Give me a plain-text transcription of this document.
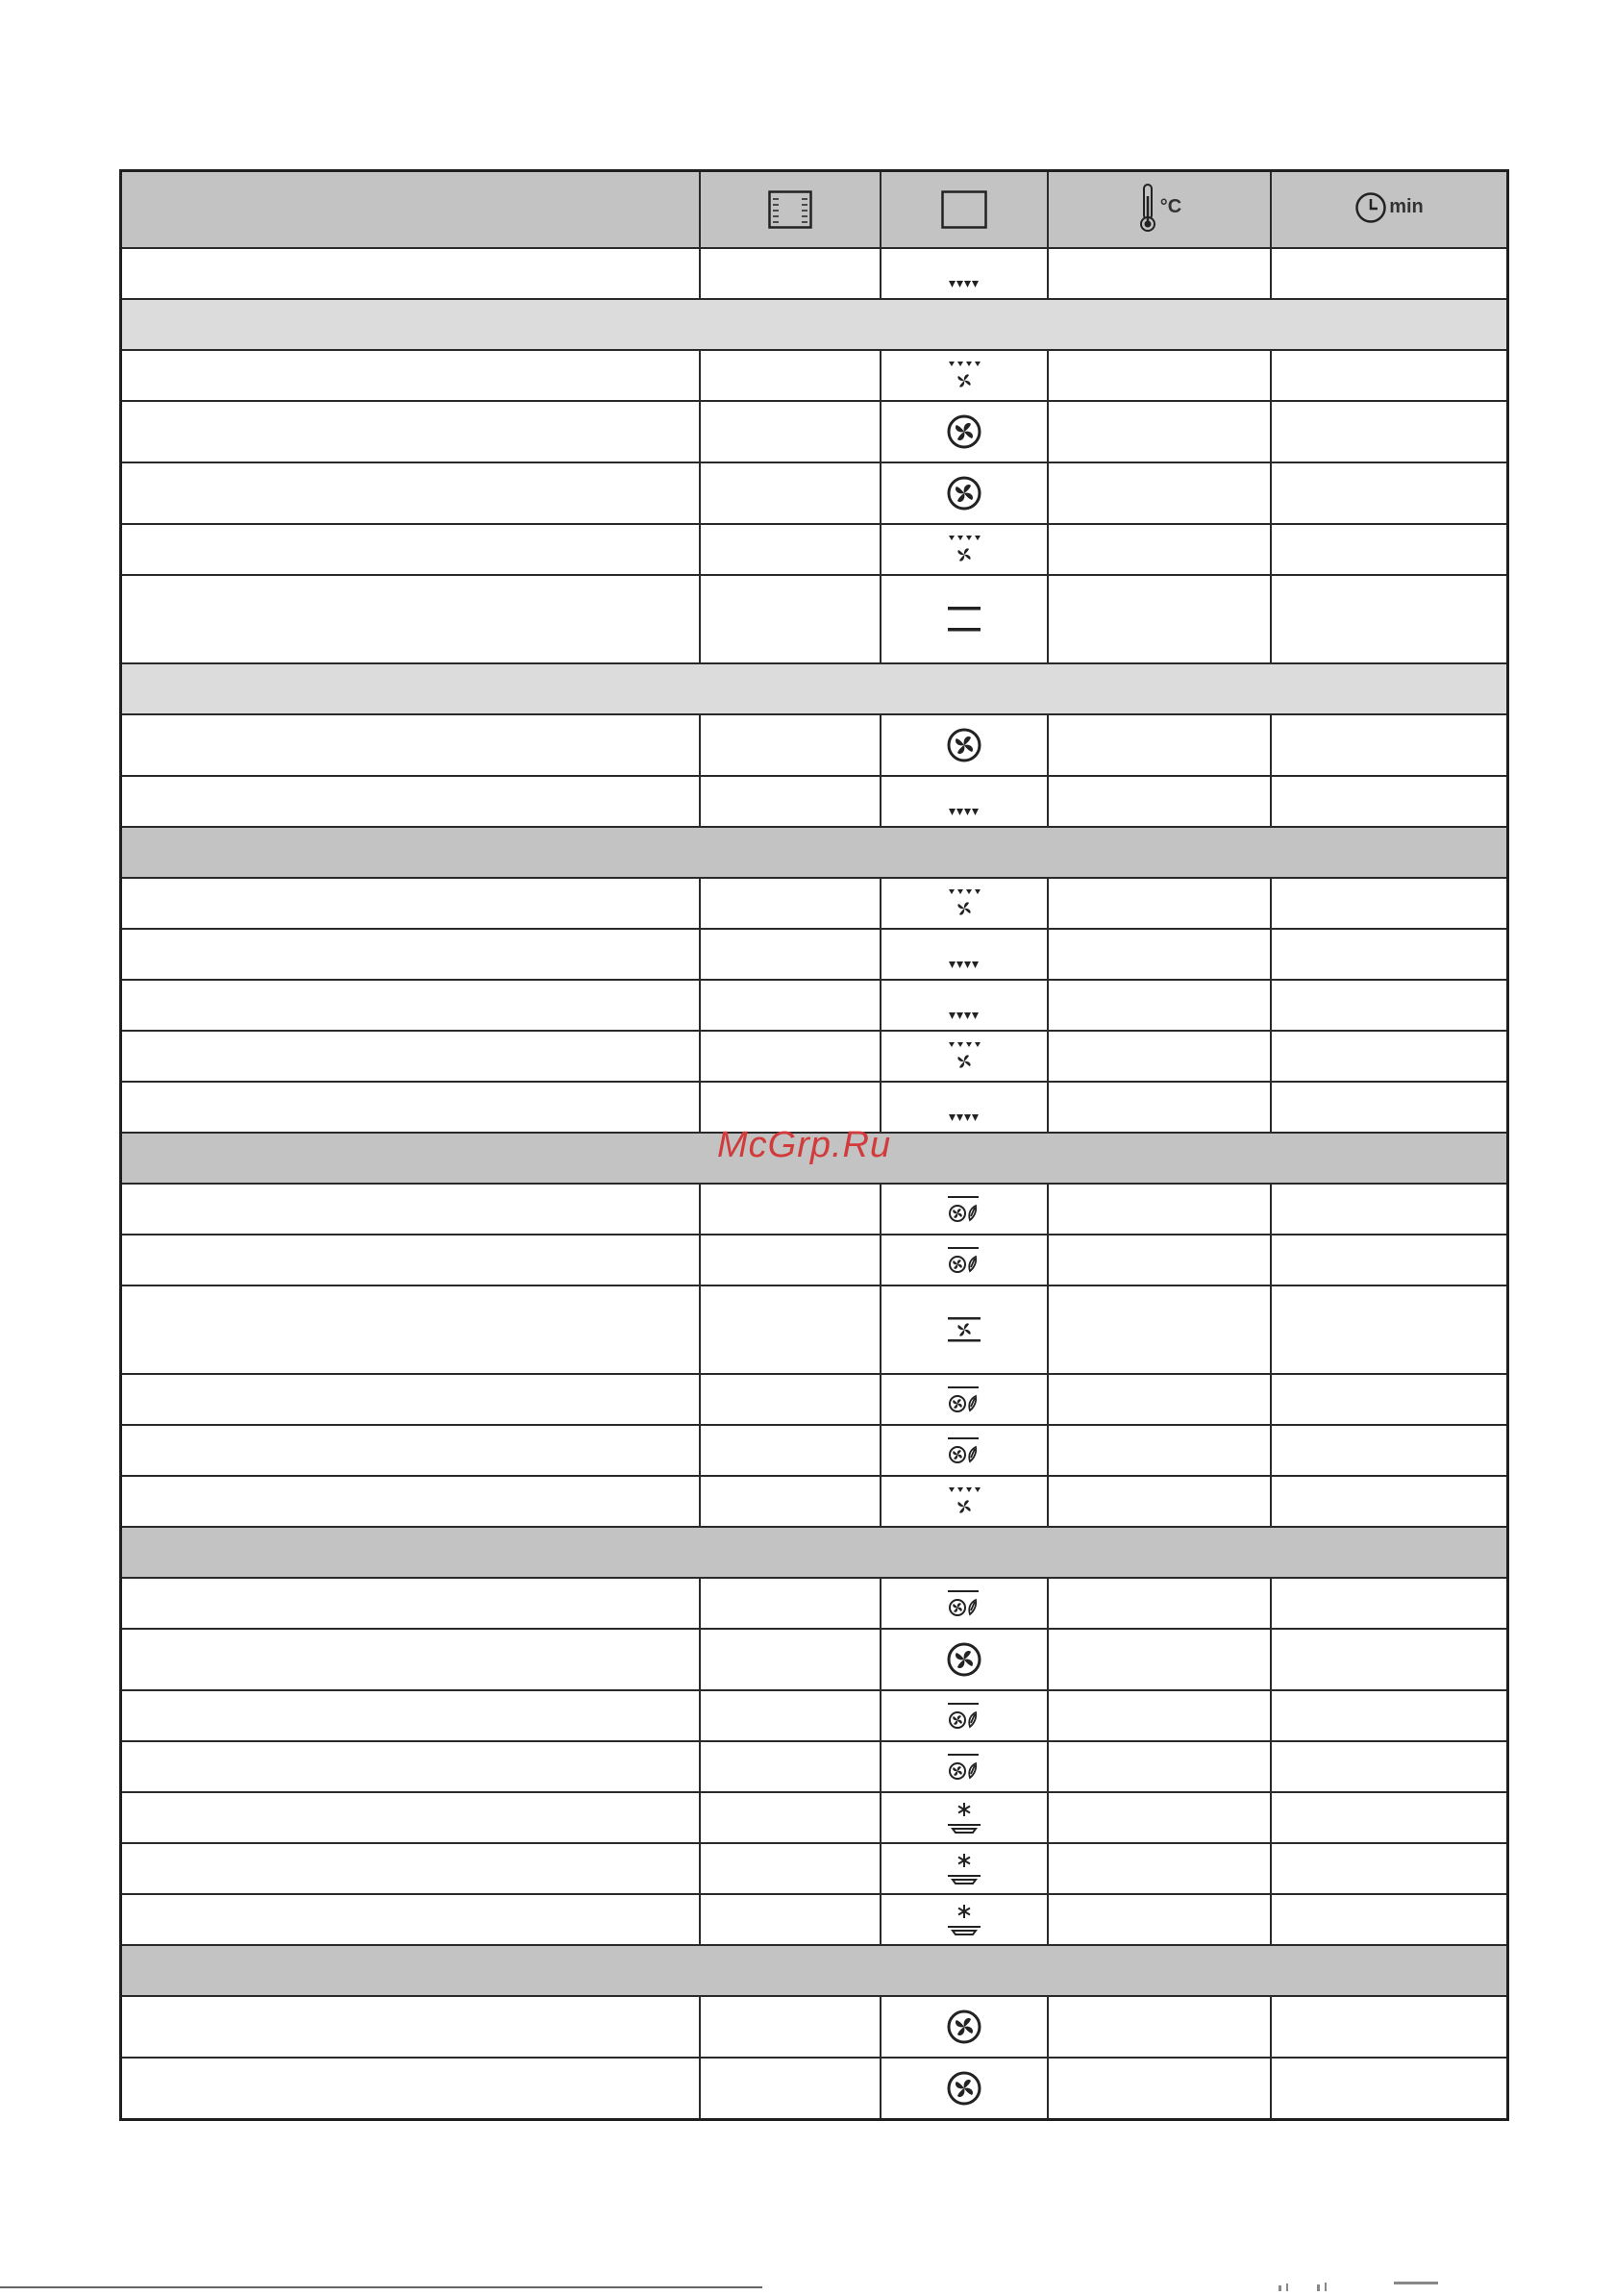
°C	min

McGrp.Ru
